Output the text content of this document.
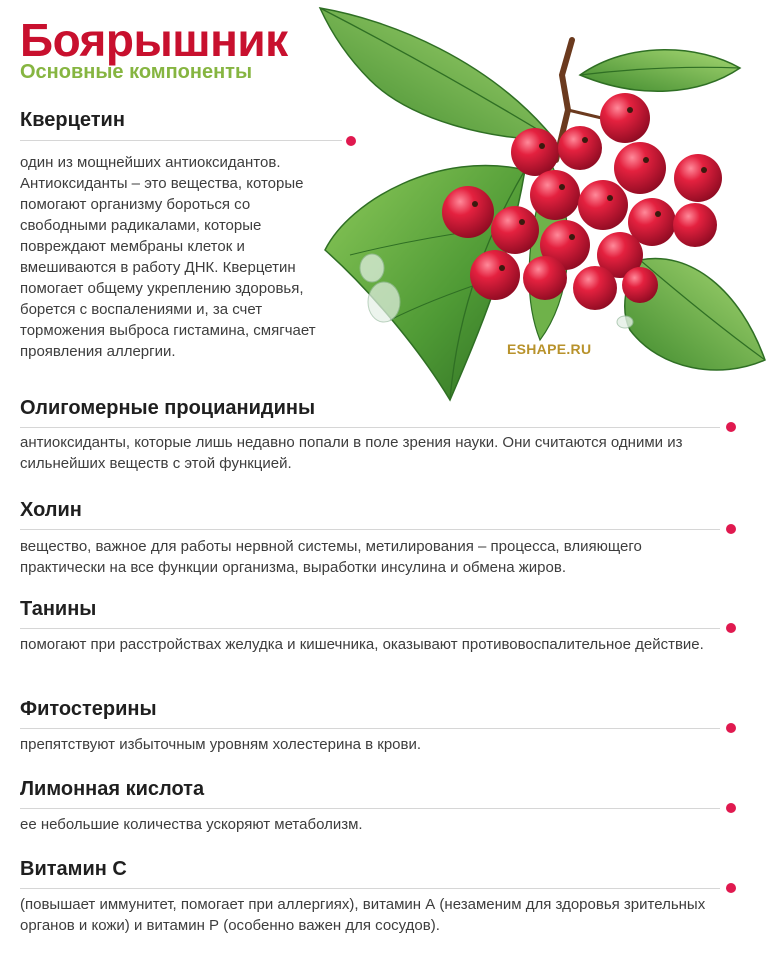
Боярышник
Основные компоненты
ESHAPE.RU
Кверцетин

один из мощнейших антиоксидантов. Антиоксиданты – это вещества, которые помогают организму бороться со свободными радикалами, которые повреждают мембраны клеток и вмешиваются в работу ДНК. Кверцетин помогает общему укреплению здоровья, борется с воспалениями и, за счет торможения выброса гистамина, смягчает проявления аллергии.

Олигомерные процианидины

антиоксиданты, которые лишь недавно попали в поле зрения науки. Они считаются одними из сильнейших веществ с этой функцией.

Холин

вещество, важное для работы нервной системы, метилирования – процесса, влияющего практически на все функции организма, выработки инсулина и обмена жиров.

Танины

помогают при расстройствах желудка и кишечника, оказывают противовоспалительное действие.

Фитостерины

препятствуют избыточным уровням холестерина в крови.

Лимонная кислота

ее небольшие количества ускоряют метаболизм.

Витамин С

(повышает иммунитет, помогает при аллергиях), витамин А (незаменим для здоровья зрительных органов и кожи) и витамин Р (особенно важен для сосудов).
